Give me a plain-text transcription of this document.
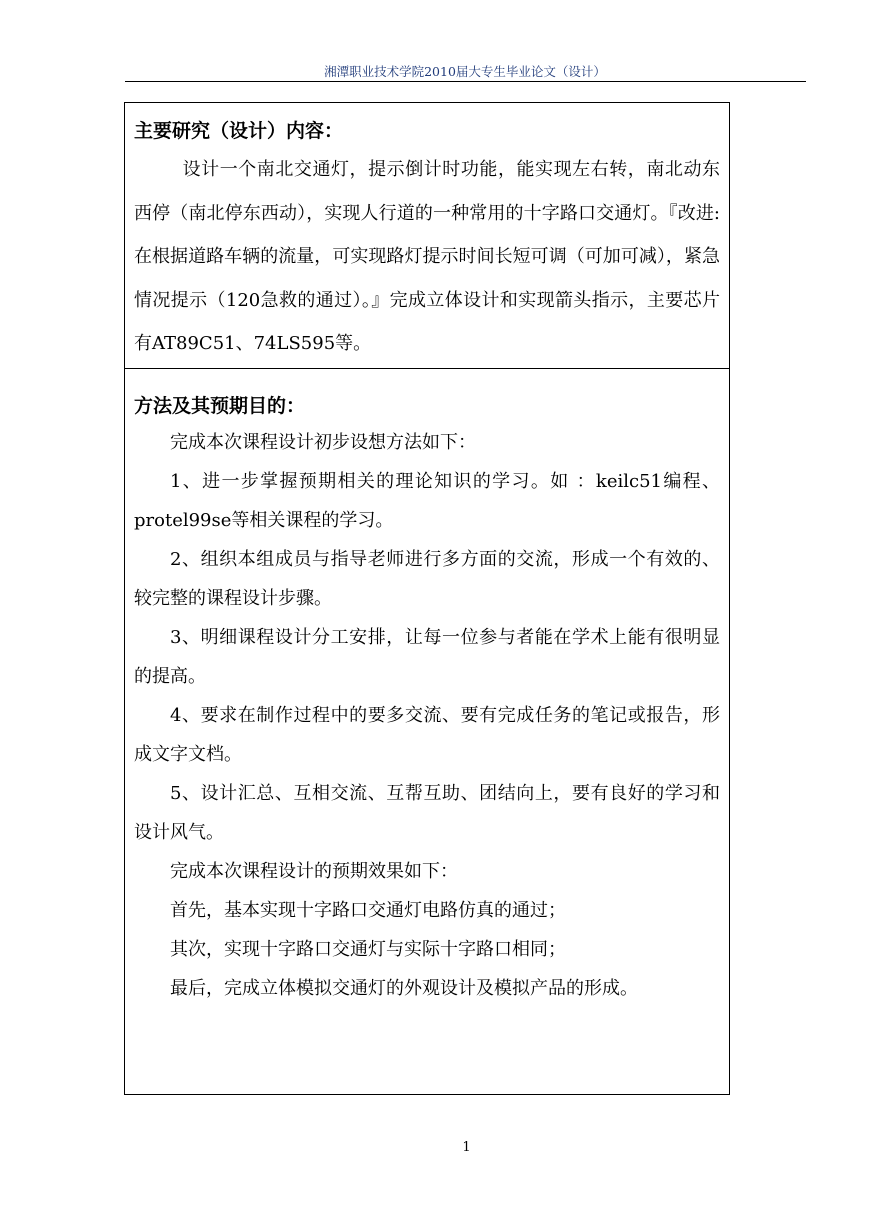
湘潭职业技术学院2010届大专生毕业论文（设计）
主要研究（设计）内容：

设计一个南北交通灯，提示倒计时功能，能实现左右转，南北动东西停（南北停东西动），实现人行道的一种常用的十字路口交通灯。『改进:在根据道路车辆的流量，可实现路灯提示时间长短可调（可加可减），紧急情况提示（120急救的通过）。』完成立体设计和实现箭头指示，主要芯片有AT89C51、74LS595等。

方法及其预期目的：

完成本次课程设计初步设想方法如下：

1、进一步掌握预期相关的理论知识的学习。如 ：keilc51编程、protel99se等相关课程的学习。

2、组织本组成员与指导老师进行多方面的交流，形成一个有效的、较完整的课程设计步骤。

3、明细课程设计分工安排，让每一位参与者能在学术上能有很明显的提高。

4、要求在制作过程中的要多交流、要有完成任务的笔记或报告，形成文字文档。

5、设计汇总、互相交流、互帮互助、团结向上，要有良好的学习和设计风气。

完成本次课程设计的预期效果如下：

首先，基本实现十字路口交通灯电路仿真的通过；

其次，实现十字路口交通灯与实际十字路口相同；

最后，完成立体模拟交通灯的外观设计及模拟产品的形成。

1
